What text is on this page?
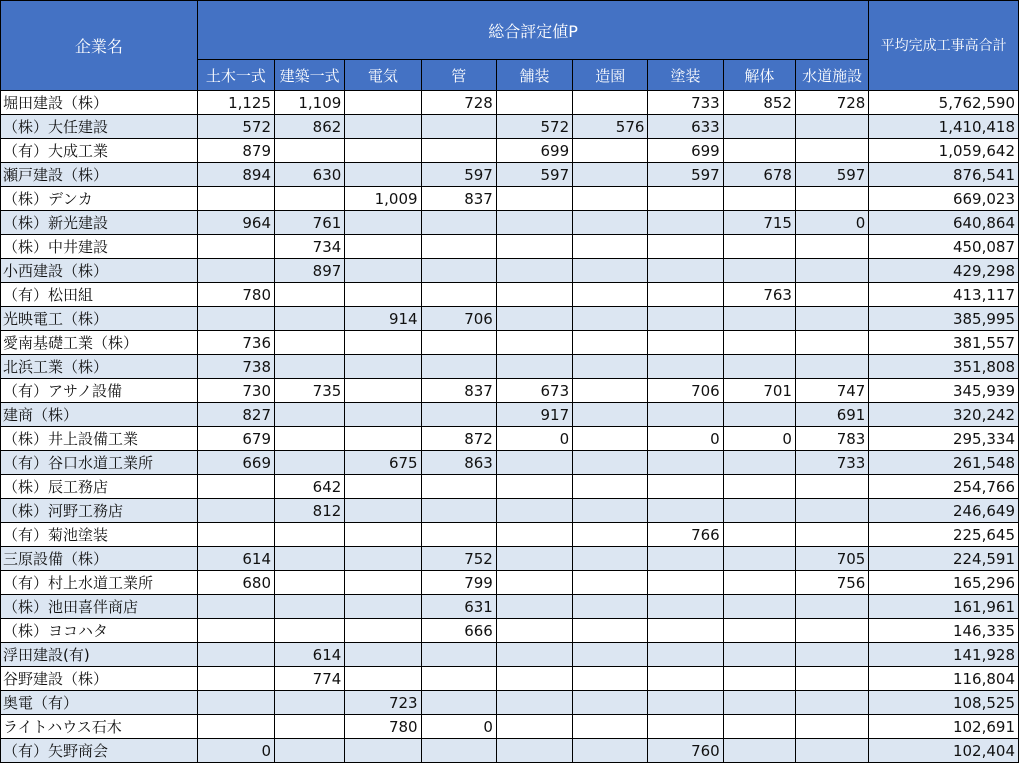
企業名	総合評定値P									平均完成工事高合計
	土木一式	建築一式	電気	管	舗装	造園	塗装	解体	水道施設	
堀田建設（株）	1,125	1,109		728			733	852	728	5,762,590
（株）大任建設	572	862			572	576	633			1,410,418
（有）大成工業	879				699		699			1,059,642
瀬戸建設（株）	894	630		597	597		597	678	597	876,541
（株）デンカ			1,009	837						669,023
（株）新光建設	964	761						715	0	640,864
（株）中井建設		734								450,087
小西建設（株）		897								429,298
（有）松田組	780							763		413,117
光映電工（株）			914	706						385,995
愛南基礎工業（株）	736									381,557
北浜工業（株）	738									351,808
（有）アサノ設備	730	735		837	673		706	701	747	345,939
建商（株）	827				917				691	320,242
（株）井上設備工業	679			872	0		0	0	783	295,334
（有）谷口水道工業所	669		675	863					733	261,548
（株）辰工務店		642								254,766
（株）河野工務店		812								246,649
（有）菊池塗装							766			225,645
三原設備（株）	614			752					705	224,591
（有）村上水道工業所	680			799					756	165,296
（株）池田喜伴商店				631						161,961
（株）ヨコハタ				666						146,335
浮田建設(有)		614								141,928
谷野建設（株）		774								116,804
奥電（有）			723							108,525
ライトハウス石木			780	0						102,691
（有）矢野商会	0						760			102,404
